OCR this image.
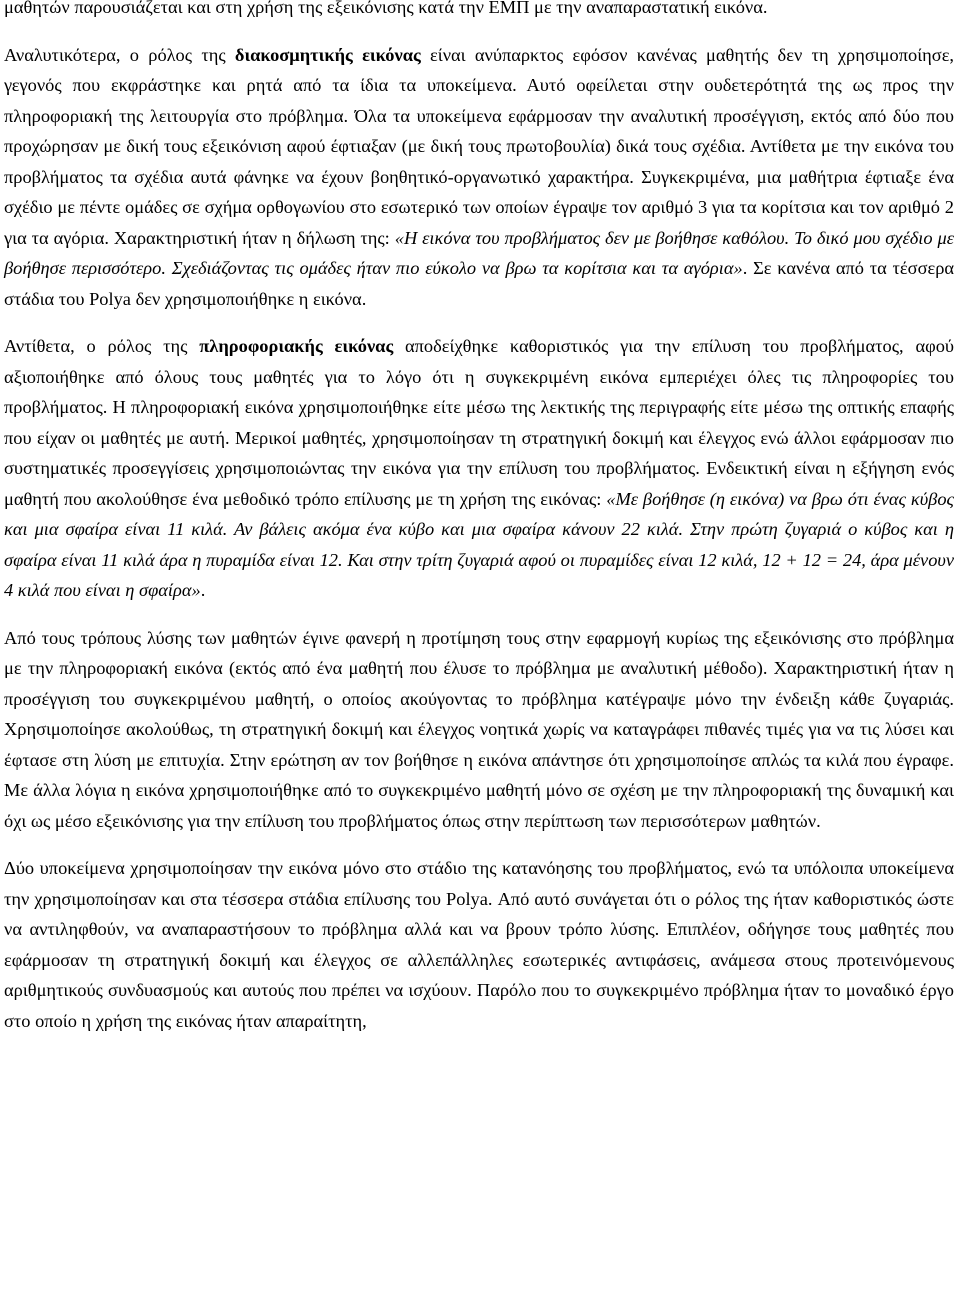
μαθητών παρουσιάζεται και στη χρήση της εξεικόνισης κατά την ΕΜΠ με την αναπαραστατική εικόνα.

Αναλυτικότερα, ο ρόλος της διακοσμητικής εικόνας είναι ανύπαρκτος εφόσον κανένας μαθητής δεν τη χρησιμοποίησε, γεγονός που εκφράστηκε και ρητά από τα ίδια τα υποκείμενα. Αυτό οφείλεται στην ουδετερότητά της ως προς την πληροφοριακή της λειτουργία στο πρόβλημα. Όλα τα υποκείμενα εφάρμοσαν την αναλυτική προσέγγιση, εκτός από δύο που προχώρησαν με δική τους εξεικόνιση αφού έφτιαξαν (με δική τους πρωτοβουλία) δικά τους σχέδια. Αντίθετα με την εικόνα του προβλήματος τα σχέδια αυτά φάνηκε να έχουν βοηθητικό-οργανωτικό χαρακτήρα. Συγκεκριμένα, μια μαθήτρια έφτιαξε ένα σχέδιο με πέντε ομάδες σε σχήμα ορθογωνίου στο εσωτερικό των οποίων έγραψε τον αριθμό 3 για τα κορίτσια και τον αριθμό 2 για τα αγόρια. Χαρακτηριστική ήταν η δήλωση της: «Η εικόνα του προβλήματος δεν με βοήθησε καθόλου. Το δικό μου σχέδιο με βοήθησε περισσότερο. Σχεδιάζοντας τις ομάδες ήταν πιο εύκολο να βρω τα κορίτσια και τα αγόρια». Σε κανένα από τα τέσσερα στάδια του Polya δεν χρησιμοποιήθηκε η εικόνα.

Αντίθετα, ο ρόλος της πληροφοριακής εικόνας αποδείχθηκε καθοριστικός για την επίλυση του προβλήματος, αφού αξιοποιήθηκε από όλους τους μαθητές για το λόγο ότι η συγκεκριμένη εικόνα εμπεριέχει όλες τις πληροφορίες του προβλήματος. Η πληροφοριακή εικόνα χρησιμοποιήθηκε είτε μέσω της λεκτικής της περιγραφής είτε μέσω της οπτικής επαφής που είχαν οι μαθητές με αυτή. Μερικοί μαθητές, χρησιμοποίησαν τη στρατηγική δοκιμή και έλεγχος ενώ άλλοι εφάρμοσαν πιο συστηματικές προσεγγίσεις χρησιμοποιώντας την εικόνα για την επίλυση του προβλήματος. Ενδεικτική είναι η εξήγηση ενός μαθητή που ακολούθησε ένα μεθοδικό τρόπο επίλυσης με τη χρήση της εικόνας: «Με βοήθησε (η εικόνα) να βρω ότι ένας κύβος και μια σφαίρα είναι 11 κιλά. Αν βάλεις ακόμα ένα κύβο και μια σφαίρα κάνουν 22 κιλά. Στην πρώτη ζυγαριά ο κύβος και η σφαίρα είναι 11 κιλά άρα η πυραμίδα είναι 12. Και στην τρίτη ζυγαριά αφού οι πυραμίδες είναι 12 κιλά, 12 + 12 = 24, άρα μένουν 4 κιλά που είναι η σφαίρα».

Από τους τρόπους λύσης των μαθητών έγινε φανερή η προτίμηση τους στην εφαρμογή κυρίως της εξεικόνισης στο πρόβλημα με την πληροφοριακή εικόνα (εκτός από ένα μαθητή που έλυσε το πρόβλημα με αναλυτική μέθοδο). Χαρακτηριστική ήταν η προσέγγιση του συγκεκριμένου μαθητή, ο οποίος ακούγοντας το πρόβλημα κατέγραψε μόνο την ένδειξη κάθε ζυγαριάς. Χρησιμοποίησε ακολούθως, τη στρατηγική δοκιμή και έλεγχος νοητικά χωρίς να καταγράφει πιθανές τιμές για να τις λύσει και έφτασε στη λύση με επιτυχία. Στην ερώτηση αν τον βοήθησε η εικόνα απάντησε ότι χρησιμοποίησε απλώς τα κιλά που έγραφε. Με άλλα λόγια η εικόνα χρησιμοποιήθηκε από το συγκεκριμένο μαθητή μόνο σε σχέση με την πληροφοριακή της δυναμική και όχι ως μέσο εξεικόνισης για την επίλυση του προβλήματος όπως στην περίπτωση των περισσότερων μαθητών.

Δύο υποκείμενα χρησιμοποίησαν την εικόνα μόνο στο στάδιο της κατανόησης του προβλήματος, ενώ τα υπόλοιπα υποκείμενα την χρησιμοποίησαν και στα τέσσερα στάδια επίλυσης του Polya. Από αυτό συνάγεται ότι ο ρόλος της ήταν καθοριστικός ώστε να αντιληφθούν, να αναπαραστήσουν το πρόβλημα αλλά και να βρουν τρόπο λύσης. Επιπλέον, οδήγησε τους μαθητές που εφάρμοσαν τη στρατηγική δοκιμή και έλεγχος σε αλλεπάλληλες εσωτερικές αντιφάσεις, ανάμεσα στους προτεινόμενους αριθμητικούς συνδυασμούς και αυτούς που πρέπει να ισχύουν. Παρόλο που το συγκεκριμένο πρόβλημα ήταν το μοναδικό έργο στο οποίο η χρήση της εικόνας ήταν απαραίτητη,
